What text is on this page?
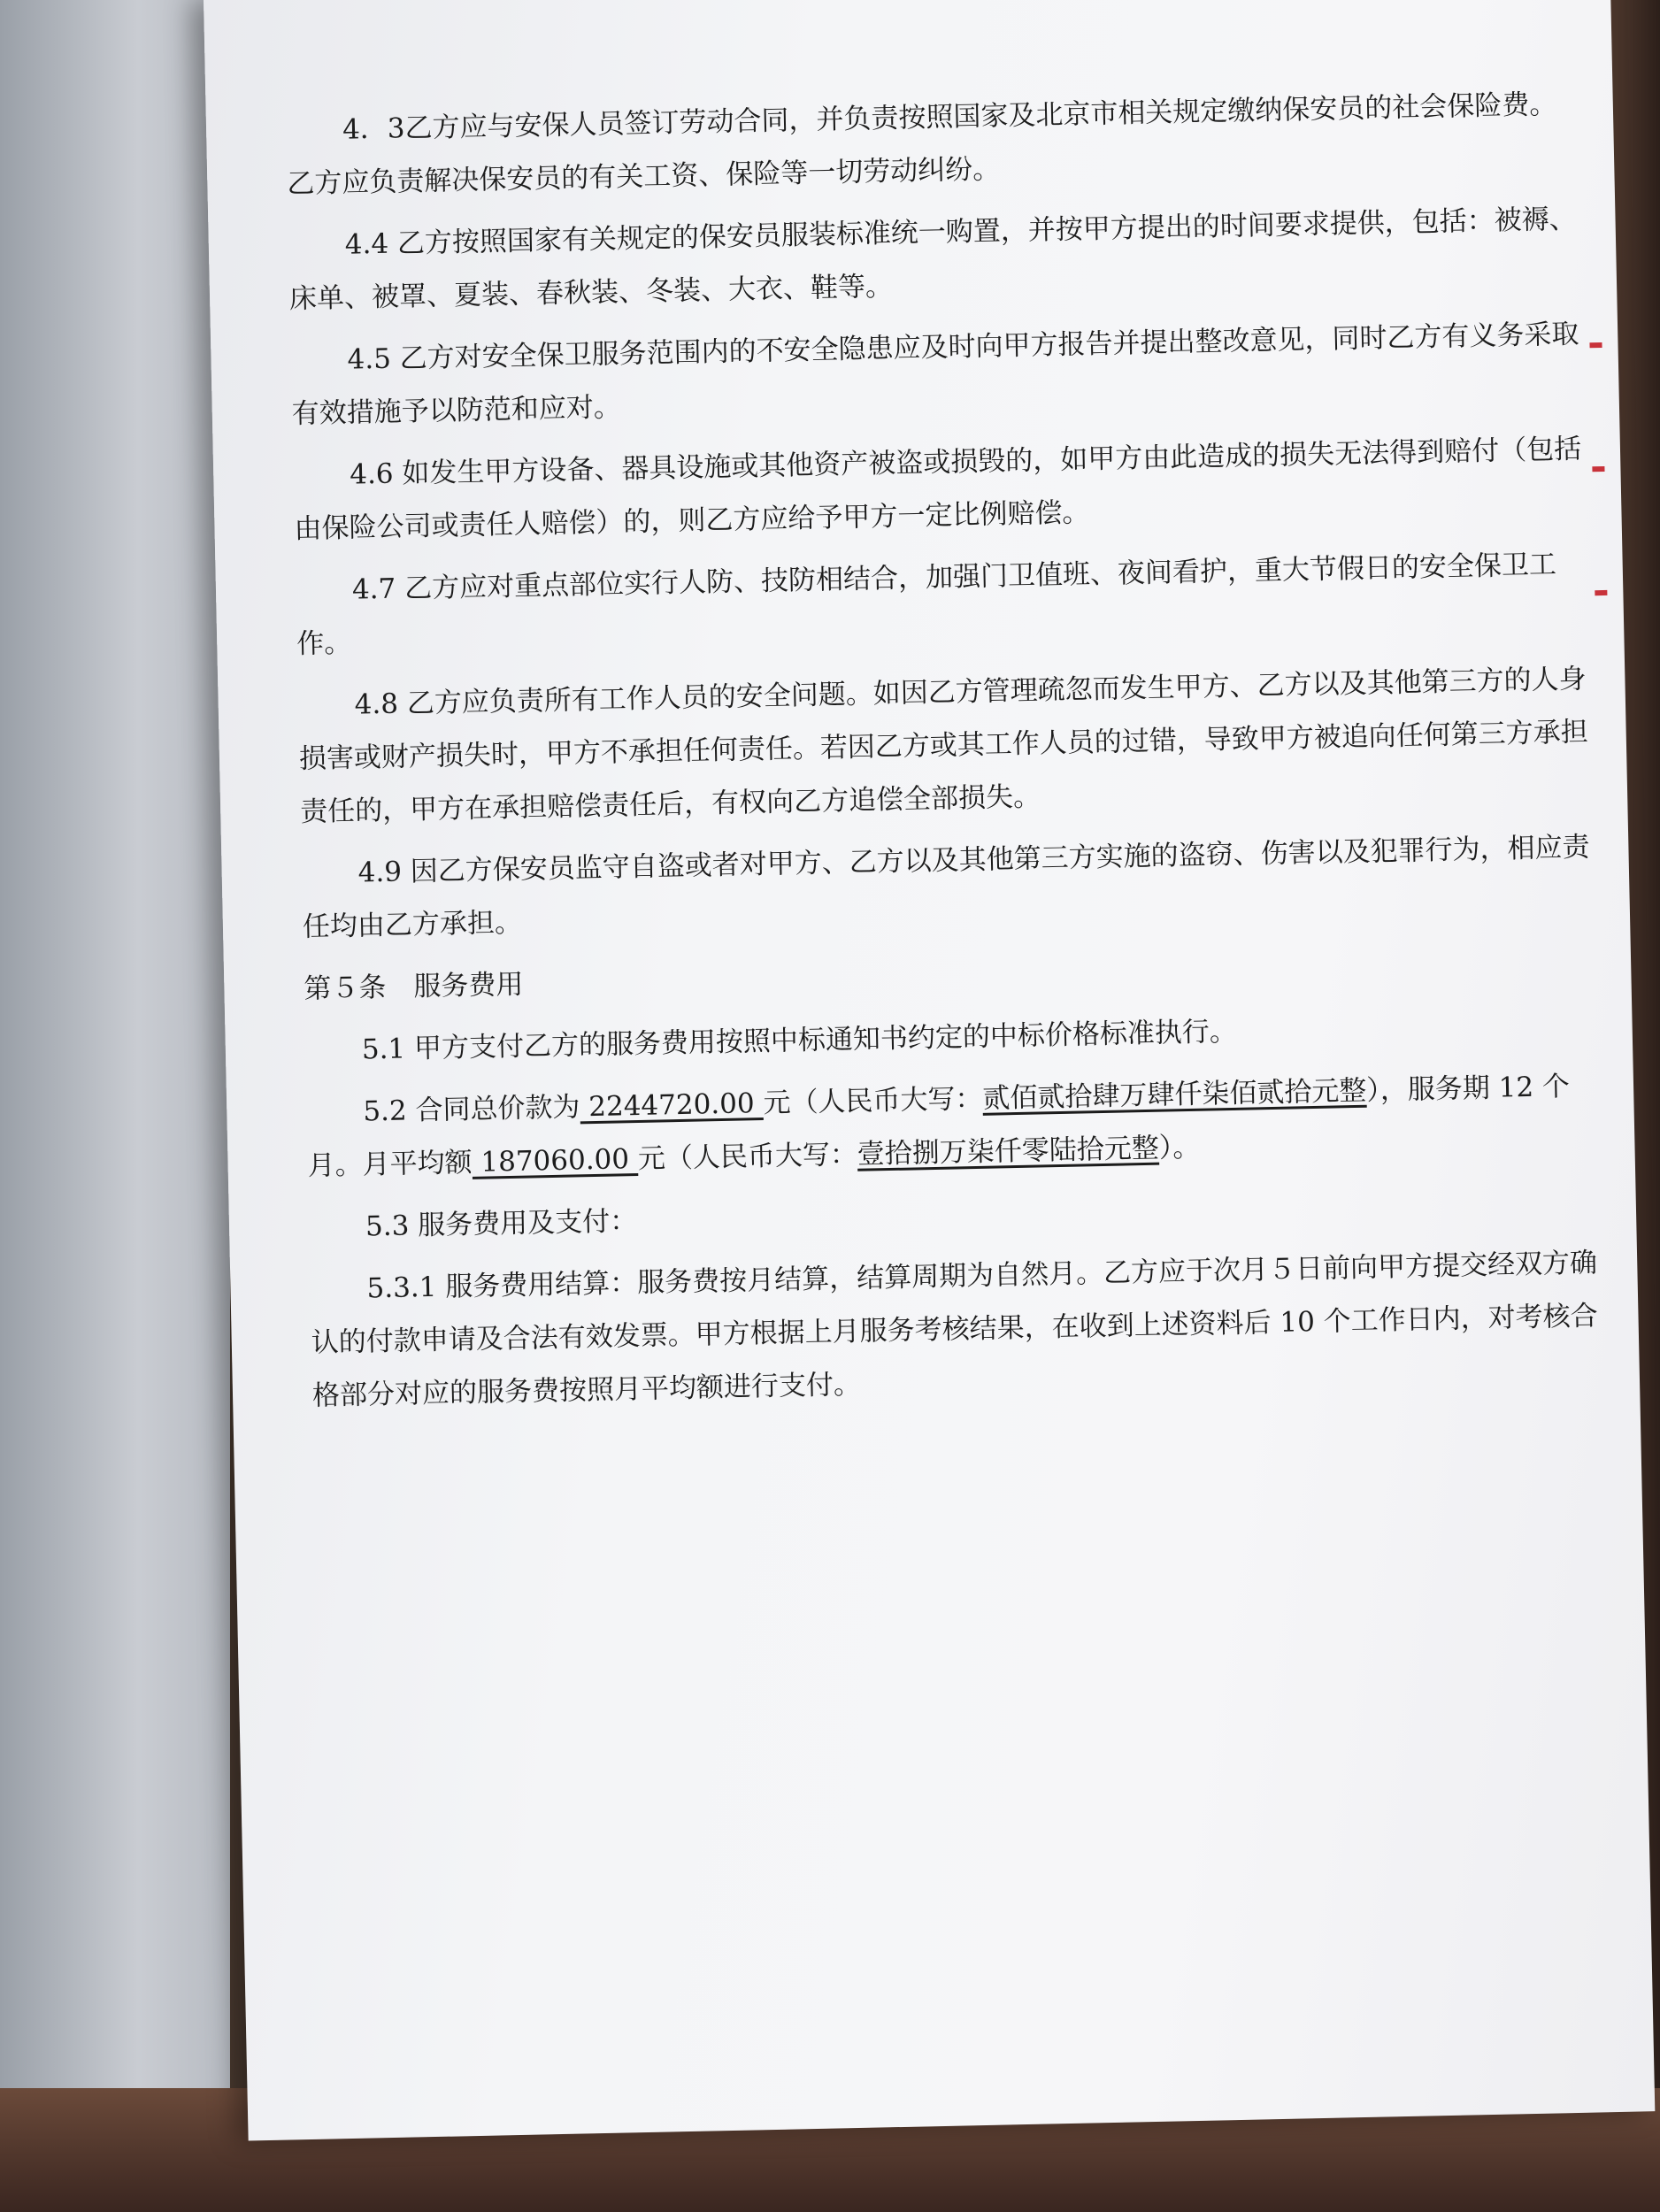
4．3乙方应与安保人员签订劳动合同，并负责按照国家及北京市相关规定缴纳保安员的社会保险费。乙方应负责解决保安员的有关工资、保险等一切劳动纠纷。

4.4 乙方按照国家有关规定的保安员服装标准统一购置，并按甲方提出的时间要求提供，包括：被褥、床单、被罩、夏装、春秋装、冬装、大衣、鞋等。

4.5 乙方对安全保卫服务范围内的不安全隐患应及时向甲方报告并提出整改意见，同时乙方有义务采取有效措施予以防范和应对。

4.6 如发生甲方设备、器具设施或其他资产被盗或损毁的，如甲方由此造成的损失无法得到赔付（包括由保险公司或责任人赔偿）的，则乙方应给予甲方一定比例赔偿。

4.7 乙方应对重点部位实行人防、技防相结合，加强门卫值班、夜间看护，重大节假日的安全保卫工作。

4.8 乙方应负责所有工作人员的安全问题。如因乙方管理疏忽而发生甲方、乙方以及其他第三方的人身损害或财产损失时，甲方不承担任何责任。若因乙方或其工作人员的过错，导致甲方被追向任何第三方承担责任的，甲方在承担赔偿责任后，有权向乙方追偿全部损失。

4.9 因乙方保安员监守自盗或者对甲方、乙方以及其他第三方实施的盗窃、伤害以及犯罪行为，相应责任均由乙方承担。

第５条　服务费用

5.1 甲方支付乙方的服务费用按照中标通知书约定的中标价格标准执行。

5.2 合同总价款为 2244720.00 元（人民币大写：贰佰贰拾肆万肆仟柒佰贰拾元整），服务期 12 个月。月平均额 187060.00 元（人民币大写：壹拾捌万柒仟零陆拾元整）。

5.3 服务费用及支付：

5.3.1 服务费用结算：服务费按月结算，结算周期为自然月。乙方应于次月５日前向甲方提交经双方确认的付款申请及合法有效发票。甲方根据上月服务考核结果，在收到上述资料后 10 个工作日内，对考核合格部分对应的服务费按照月平均额进行支付。
